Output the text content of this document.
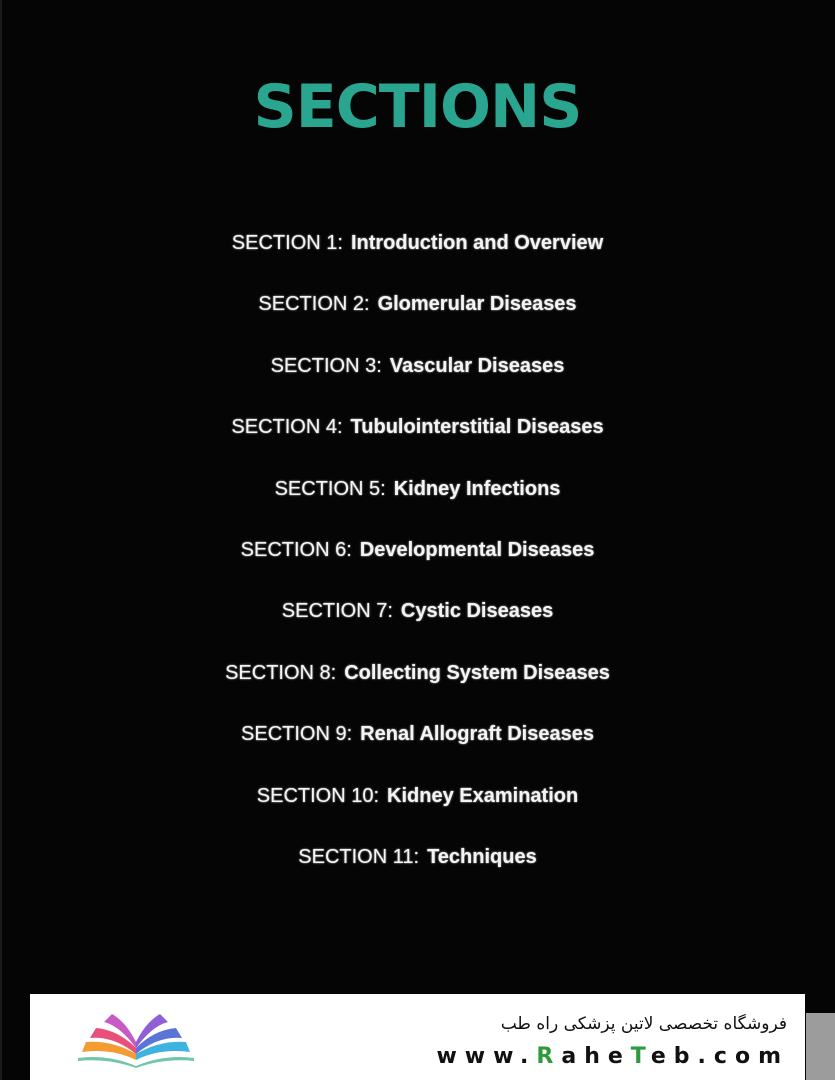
SECTIONS
SECTION 1: Introduction and Overview
SECTION 2: Glomerular Diseases
SECTION 3: Vascular Diseases
SECTION 4: Tubulointerstitial Diseases
SECTION 5: Kidney Infections
SECTION 6: Developmental Diseases
SECTION 7: Cystic Diseases
SECTION 8: Collecting System Diseases
SECTION 9: Renal Allograft Diseases
SECTION 10: Kidney Examination
SECTION 11: Techniques
فروشگاه تخصصی لاتین پزشکی راه طب
www.RaheTeb.com
